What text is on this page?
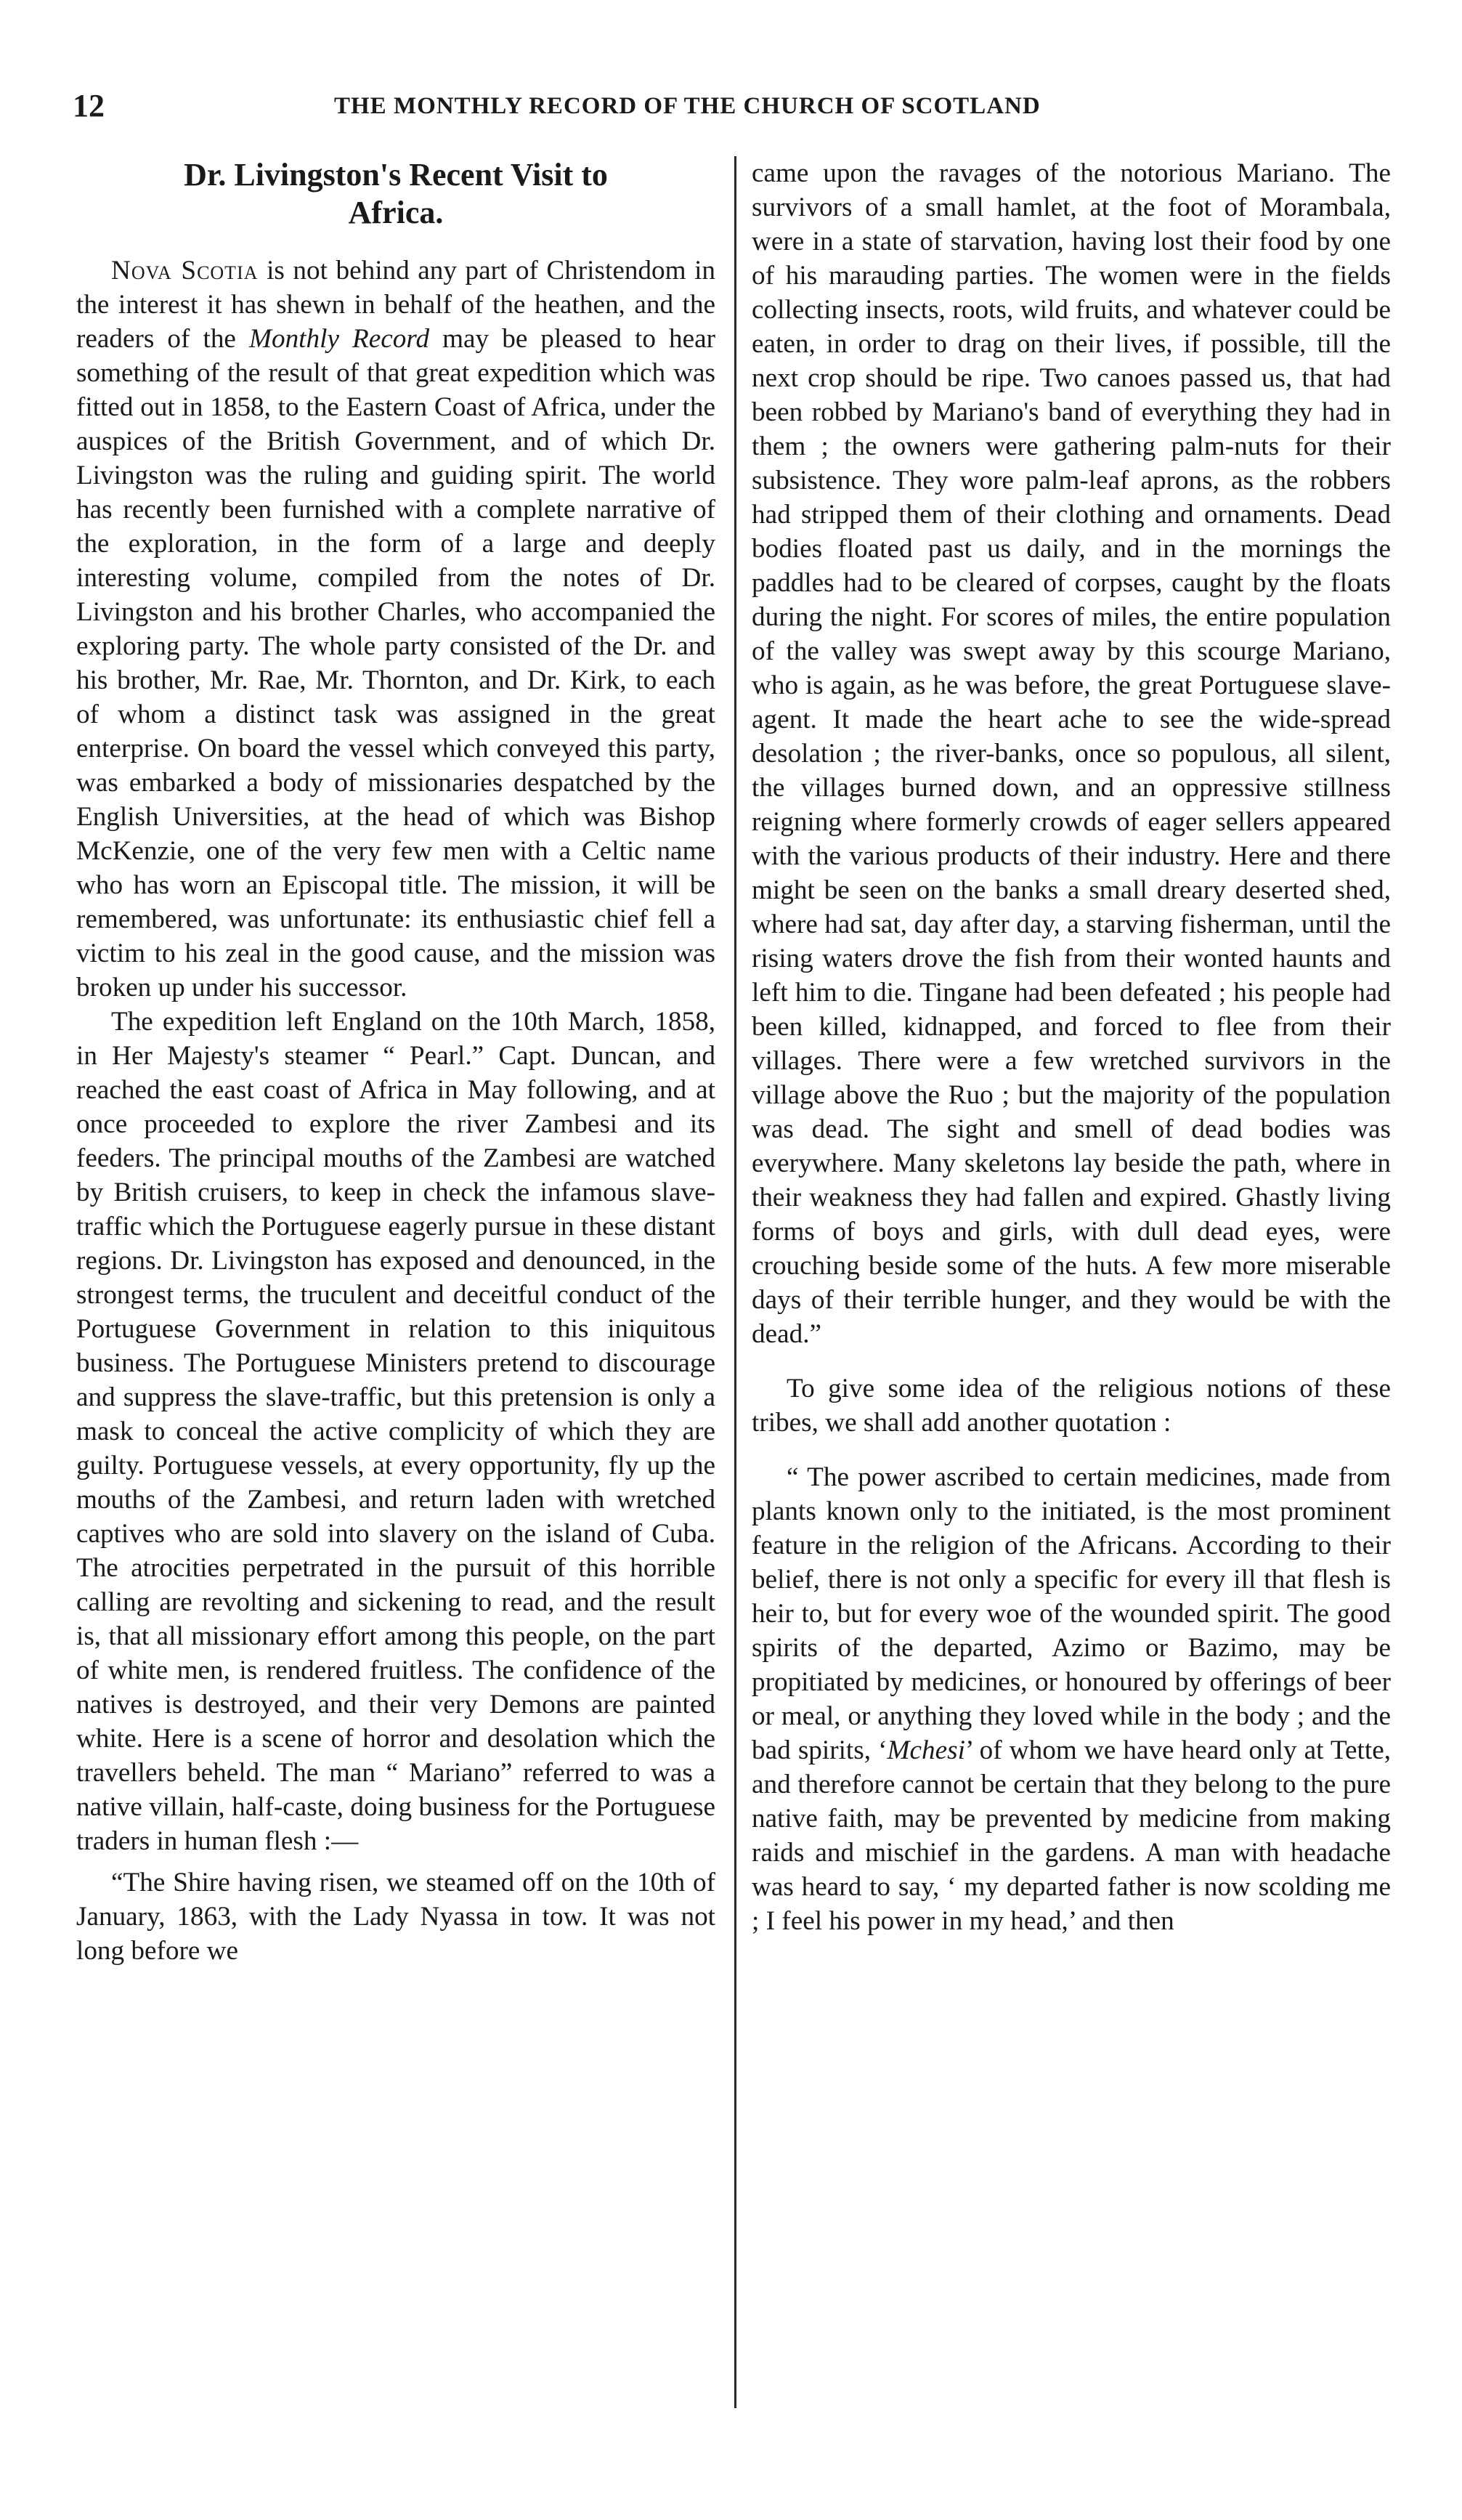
12	THE MONTHLY RECORD OF THE CHURCH OF SCOTLAND
Dr. Livingston's Recent Visit to
Africa.

Nova Scotia is not behind any part of Christendom in the interest it has shewn in behalf of the heathen, and the readers of the Monthly Record may be pleased to hear something of the result of that great expedition which was fitted out in 1858, to the Eastern Coast of Africa, under the auspices of the British Government, and of which Dr. Livingston was the ruling and guiding spirit. The world has recently been furnished with a complete narrative of the exploration, in the form of a large and deeply interesting volume, compiled from the notes of Dr. Livingston and his brother Charles, who accompanied the exploring party. The whole party consisted of the Dr. and his brother, Mr. Rae, Mr. Thornton, and Dr. Kirk, to each of whom a distinct task was assigned in the great enterprise. On board the vessel which conveyed this party, was embarked a body of missionaries despatched by the English Universities, at the head of which was Bishop McKenzie, one of the very few men with a Celtic name who has worn an Episcopal title. The mission, it will be remembered, was unfortunate: its enthusiastic chief fell a victim to his zeal in the good cause, and the mission was broken up under his successor.

The expedition left England on the 10th March, 1858, in Her Majesty's steamer “ Pearl.” Capt. Duncan, and reached the east coast of Africa in May following, and at once proceeded to explore the river Zambesi and its feeders. The principal mouths of the Zambesi are watched by British cruisers, to keep in check the infamous slave-traffic which the Portuguese eagerly pursue in these distant regions. Dr. Livingston has exposed and denounced, in the strongest terms, the truculent and deceitful conduct of the Portuguese Government in relation to this iniquitous business. The Portuguese Ministers pretend to discourage and suppress the slave-traffic, but this pretension is only a mask to conceal the active complicity of which they are guilty. Portuguese vessels, at every opportunity, fly up the mouths of the Zambesi, and return laden with wretched captives who are sold into slavery on the island of Cuba. The atrocities perpetrated in the pursuit of this horrible calling are revolting and sickening to read, and the result is, that all missionary effort among this people, on the part of white men, is rendered fruitless. The confidence of the natives is destroyed, and their very Demons are painted white. Here is a scene of horror and desolation which the travellers beheld. The man “ Mariano” referred to was a native villain, half-caste, doing business for the Portuguese traders in human flesh :—

“The Shire having risen, we steamed off on the 10th of January, 1863, with the Lady Nyassa in tow. It was not long before we

came upon the ravages of the notorious Mariano. The survivors of a small hamlet, at the foot of Morambala, were in a state of starvation, having lost their food by one of his marauding parties. The women were in the fields collecting insects, roots, wild fruits, and whatever could be eaten, in order to drag on their lives, if possible, till the next crop should be ripe. Two canoes passed us, that had been robbed by Mariano's band of everything they had in them ; the owners were gathering palm-nuts for their subsistence. They wore palm-leaf aprons, as the robbers had stripped them of their clothing and ornaments. Dead bodies floated past us daily, and in the mornings the paddles had to be cleared of corpses, caught by the floats during the night. For scores of miles, the entire population of the valley was swept away by this scourge Mariano, who is again, as he was before, the great Portuguese slave-agent. It made the heart ache to see the wide-spread desolation ; the river-banks, once so populous, all silent, the villages burned down, and an oppressive stillness reigning where formerly crowds of eager sellers appeared with the various products of their industry. Here and there might be seen on the banks a small dreary deserted shed, where had sat, day after day, a starving fisherman, until the rising waters drove the fish from their wonted haunts and left him to die. Tingane had been defeated ; his people had been killed, kidnapped, and forced to flee from their villages. There were a few wretched survivors in the village above the Ruo ; but the majority of the population was dead. The sight and smell of dead bodies was everywhere. Many skeletons lay beside the path, where in their weakness they had fallen and expired. Ghastly living forms of boys and girls, with dull dead eyes, were crouching beside some of the huts. A few more miserable days of their terrible hunger, and they would be with the dead.”

To give some idea of the religious notions of these tribes, we shall add another quotation :

“ The power ascribed to certain medicines, made from plants known only to the initiated, is the most prominent feature in the religion of the Africans. According to their belief, there is not only a specific for every ill that flesh is heir to, but for every woe of the wounded spirit. The good spirits of the departed, Azimo or Bazimo, may be propitiated by medicines, or honoured by offerings of beer or meal, or anything they loved while in the body ; and the bad spirits, ‘Mchesi’ of whom we have heard only at Tette, and therefore cannot be certain that they belong to the pure native faith, may be prevented by medicine from making raids and mischief in the gardens. A man with headache was heard to say, ‘ my departed father is now scolding me ; I feel his power in my head,’ and then
